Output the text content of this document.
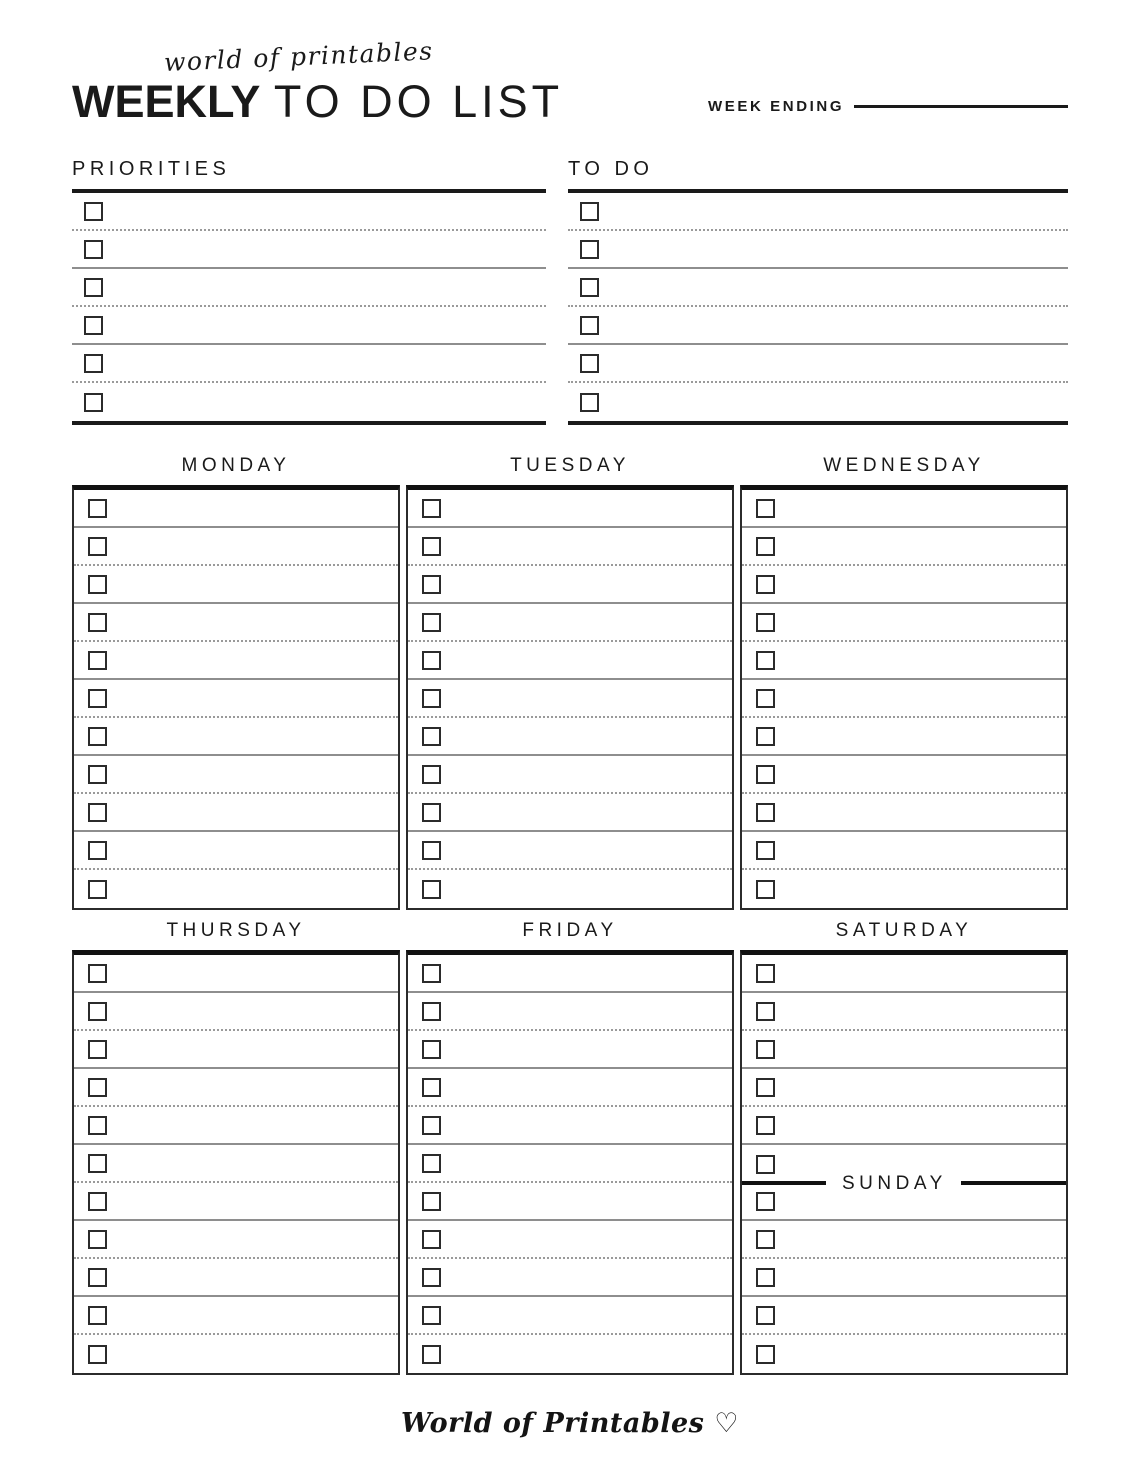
world of printables
WEEKLY TO DO LIST	WEEK ENDING
PRIORITIES	TO DO
MONDAY	TUESDAY	WEDNESDAY
THURSDAY	FRIDAY	SATURDAY
SUNDAY
World of Printables ♡
